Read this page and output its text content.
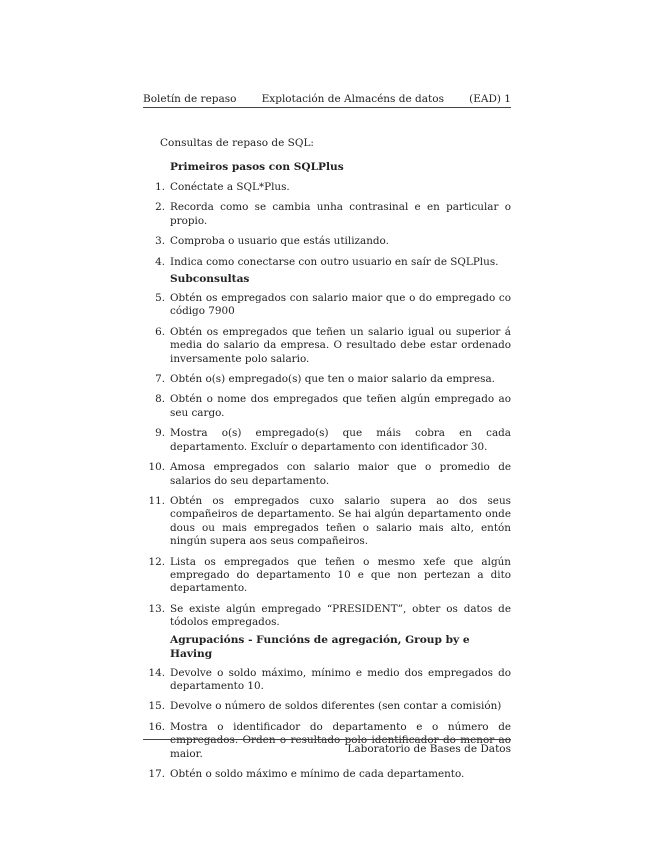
Boletín de repaso Explotación de Almacéns de datos (EAD) 1
Consultas de repaso de SQL:
Primeiros pasos con SQLPlus
1. Conéctate a SQL*Plus.
2. Recorda como se cambia unha contrasinal e en particular o propio.
3. Comproba o usuario que estás utilizando.
4. Indica como conectarse con outro usuario en saír de SQLPlus.
Subconsultas
5. Obtén os empregados con salario maior que o do empregado co código 7900
6. Obtén os empregados que teñen un salario igual ou superior á media do salario da empresa. O resultado debe estar ordenado inversamente polo salario.
7. Obtén o(s) empregado(s) que ten o maior salario da empresa.
8. Obtén o nome dos empregados que teñen algún empregado ao seu cargo.
9. Mostra o(s) empregado(s) que máis cobra en cada departamento. Excluír o departamento con identificador 30.
10. Amosa empregados con salario maior que o promedio de salarios do seu departamento.
11. Obtén os empregados cuxo salario supera ao dos seus compañeiros de departamento. Se hai algún departamento onde dous ou mais empregados teñen o salario mais alto, entón ningún supera aos seus compañeiros.
12. Lista os empregados que teñen o mesmo xefe que algún empregado do departamento 10 e que non pertezan a dito departamento.
13. Se existe algún empregado “PRESIDENT”, obter os datos de tódolos empregados.
Agrupacións - Funcións de agregación, Group by e Having
14. Devolve o soldo máximo, mínimo e medio dos empregados do departamento 10.
15. Devolve o número de soldos diferentes (sen contar a comisión)
16. Mostra o identificador do departamento e o número de empregados. Orden o resultado polo identificador do menor ao maior.
17. Obtén o soldo máximo e mínimo de cada departamento.
Laboratorio de Bases de Datos
